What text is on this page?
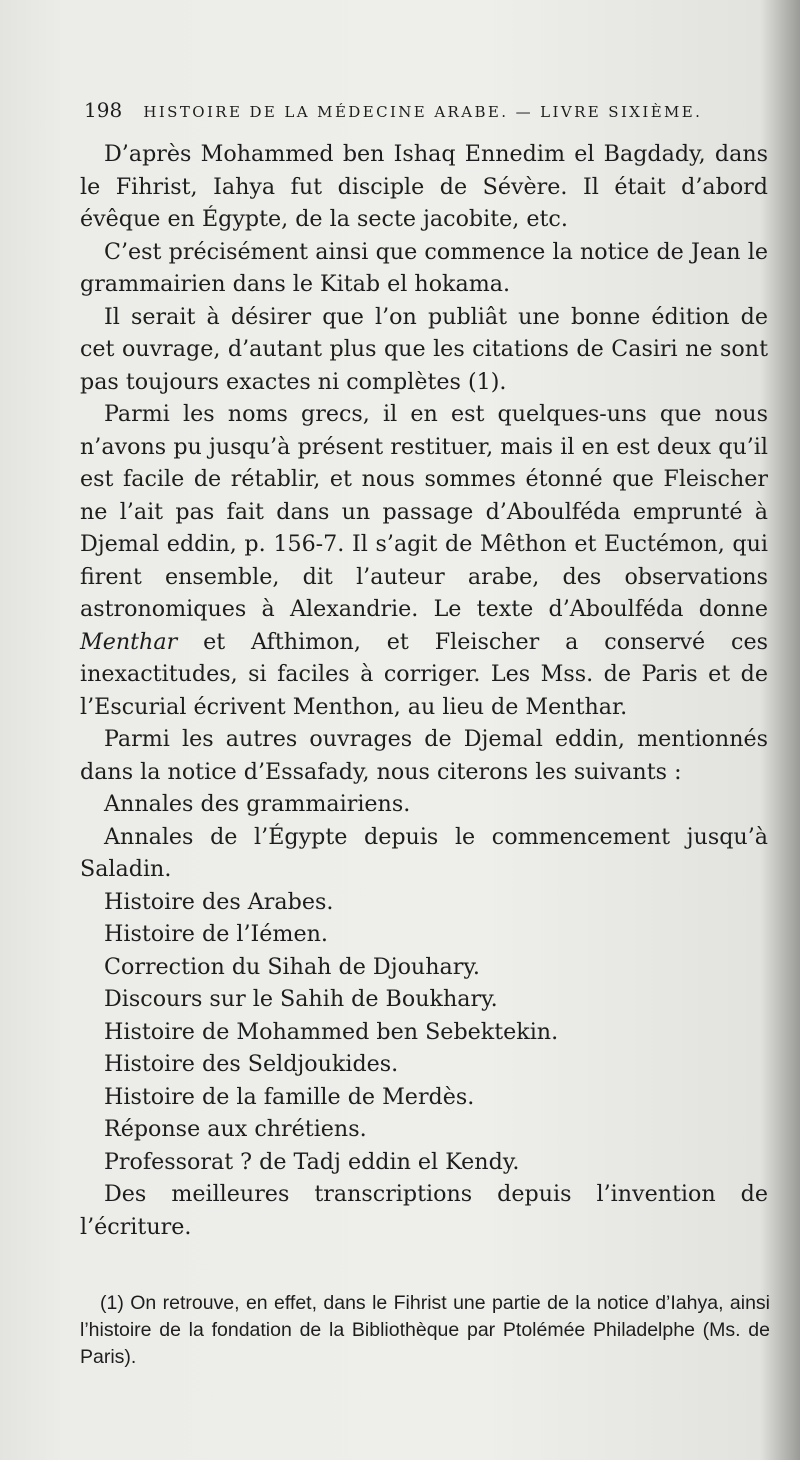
198 HISTOIRE DE LA MÉDECINE ARABE. — LIVRE SIXIÈME.

D’après Mohammed ben Ishaq Ennedim el Bagdady, dans le Fihrist, Iahya fut disciple de Sévère. Il était d’abord évêque en Égypte, de la secte jacobite, etc.

C’est précisément ainsi que commence la notice de Jean le grammairien dans le Kitab el hokama.

Il serait à désirer que l’on publiât une bonne édition de cet ouvrage, d’autant plus que les citations de Casiri ne sont pas toujours exactes ni complètes (1).

Parmi les noms grecs, il en est quelques-uns que nous n’avons pu jusqu’à présent restituer, mais il en est deux qu’il est facile de rétablir, et nous sommes étonné que Fleischer ne l’ait pas fait dans un passage d’Aboulféda emprunté à Djemal eddin, p. 156-7. Il s’agit de Mêthon et Euctémon, qui firent ensemble, dit l’auteur arabe, des observations astronomiques à Alexandrie. Le texte d’Aboulféda donne Menthar et Afthimon, et Fleischer a conservé ces inexactitudes, si faciles à corriger. Les Mss. de Paris et de l’Escurial écrivent Menthon, au lieu de Menthar.

Parmi les autres ouvrages de Djemal eddin, mentionnés dans la notice d’Essafady, nous citerons les suivants :

Annales des grammairiens.
Annales de l’Égypte depuis le commencement jusqu’à Saladin.
Histoire des Arabes.
Histoire de l’Iémen.
Correction du Sihah de Djouhary.
Discours sur le Sahih de Boukhary.
Histoire de Mohammed ben Sebektekin.
Histoire des Seldjoukides.
Histoire de la famille de Merdès.
Réponse aux chrétiens.
Professorat ? de Tadj eddin el Kendy.
Des meilleures transcriptions depuis l’invention de l’écriture.

(1) On retrouve, en effet, dans le Fihrist une partie de la notice d’Iahya, ainsi l’histoire de la fondation de la Bibliothèque par Ptolémée Philadelphe (Ms. de Paris).
